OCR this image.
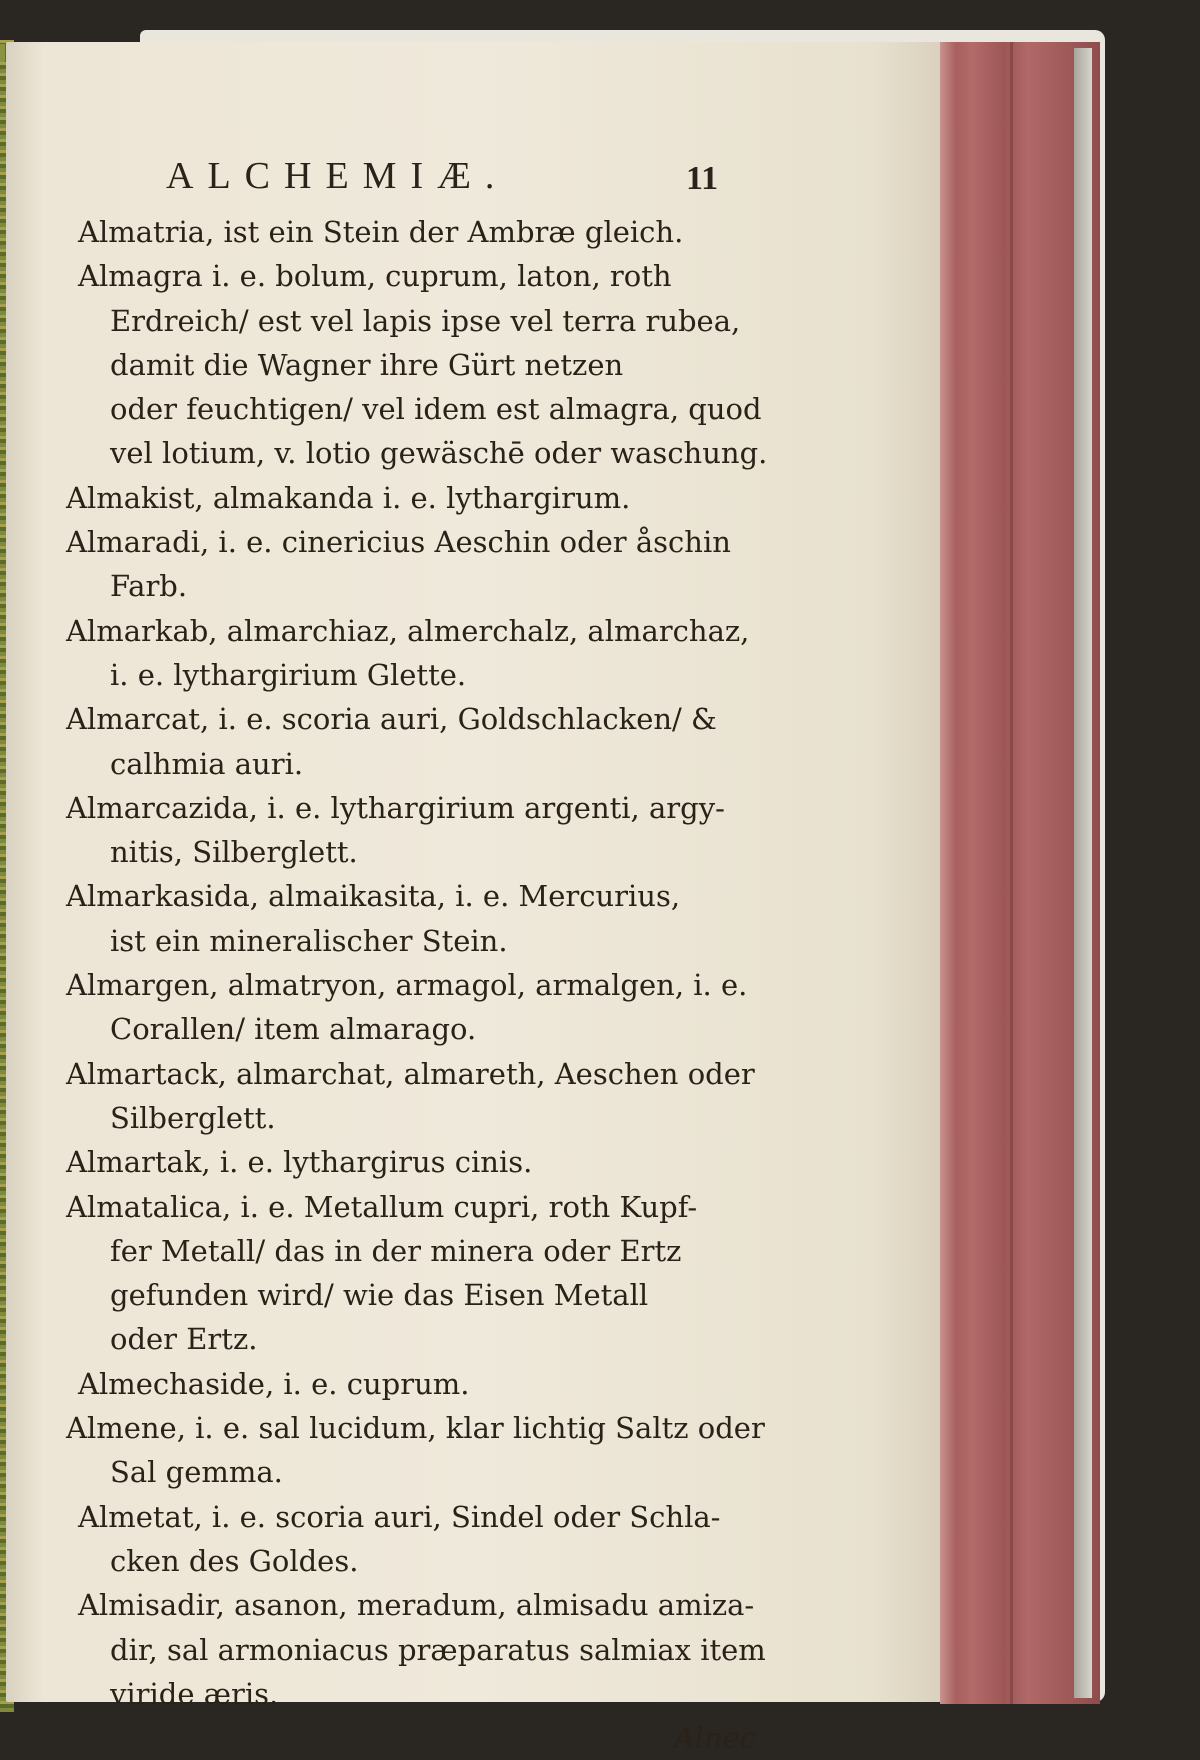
ALCHEMIÆ.	11
Almatria, ist ein Stein der Ambræ gleich.
Almagra i. e. bolum, cuprum, laton, roth
Erdreich/ est vel lapis ipse vel terra rubea,
damit die Wagner ihre Gürt netzen
oder feuchtigen/ vel idem est almagra, quod
vel lotium, v. lotio gewäschē oder waschung.
Almakist, almakanda i. e. lythargirum.
Almaradi, i. e. cinericius Aeschin oder åschin
Farb.
Almarkab, almarchiaz, almerchalz, almarchaz,
i. e. lythargirium Glette.
Almarcat, i. e. scoria auri, Goldschlacken/ &
calhmia auri.
Almarcazida, i. e. lythargirium argenti, argy-
nitis, Silberglett.
Almarkasida, almaikasita, i. e. Mercurius,
ist ein mineralischer Stein.
Almargen, almatryon, armagol, armalgen, i. e.
Corallen/ item almarago.
Almartack, almarchat, almareth, Aeschen oder
Silberglett.
Almartak, i. e. lythargirus cinis.
Almatalica, i. e. Metallum cupri, roth Kupf-
fer Metall/ das in der minera oder Ertz
gefunden wird/ wie das Eisen Metall
oder Ertz.
Almechaside, i. e. cuprum.
Almene, i. e. sal lucidum, klar lichtig Saltz oder
Sal gemma.
Almetat, i. e. scoria auri, Sindel oder Schla-
cken des Goldes.
Almisadir, asanon, meradum, almisadu amiza-
dir, sal armoniacus præparatus salmiax item
viride æris.
Alnec
